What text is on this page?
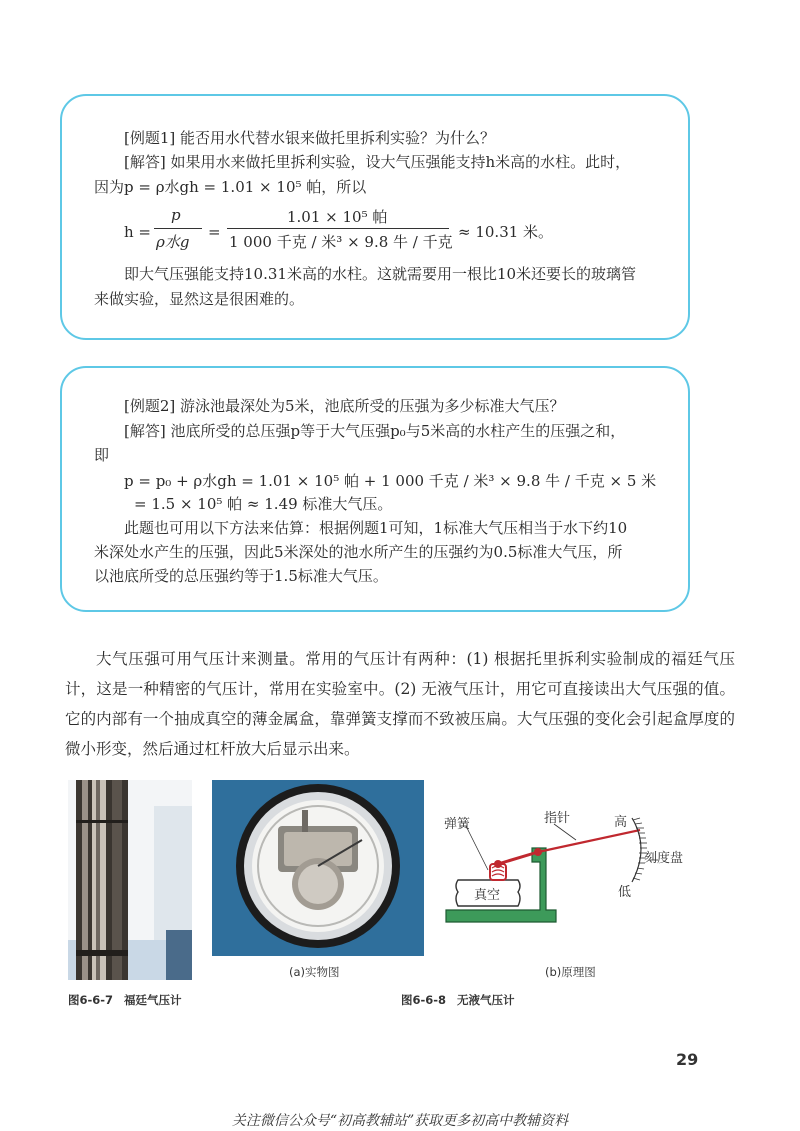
[例题1] 能否用水代替水银来做托里拆利实验？为什么？
[解答] 如果用水来做托里拆利实验，设大气压强能支持h米高的水柱。此时，
因为p = ρ水gh = 1.01 × 10⁵ 帕，所以
h =
p
ρ水g
=
1.01 × 10⁵ 帕
1 000 千克 / 米³ × 9.8 牛 / 千克
≈ 10.31 米。
即大气压强能支持10.31米高的水柱。这就需要用一根比10米还要长的玻璃管
来做实验，显然这是很困难的。
[例题2] 游泳池最深处为5米，池底所受的压强为多少标准大气压？
[解答] 池底所受的总压强p等于大气压强p₀与5米高的水柱产生的压强之和，
即
p = p₀ + ρ水gh = 1.01 × 10⁵ 帕 + 1 000 千克 / 米³ × 9.8 牛 / 千克 × 5 米
= 1.5 × 10⁵ 帕 ≈ 1.49 标准大气压。
此题也可用以下方法来估算：根据例题1可知，1标准大气压相当于水下约10
米深处水产生的压强，因此5米深处的池水所产生的压强约为0.5标准大气压，所
以池底所受的总压强约等于1.5标准大气压。

大气压强可用气压计来测量。常用的气压计有两种：(1) 根据托里拆利实验制成的福廷气压计，这是一种精密的气压计，常用在实验室中。(2) 无液气压计，用它可直接读出大气压强的值。它的内部有一个抽成真空的薄金属盒，靠弹簧支撑而不致被压扁。大气压强的变化会引起盒厚度的微小形变，然后通过杠杆放大后显示出来。

图6-6-7 福廷气压计
(a)实物图
弹簧	指针	高
刻度盘
低
真空
(b)原理图
图6-6-8 无液气压计
29
关注微信公众号“初高教辅站”获取更多初高中教辅资料
